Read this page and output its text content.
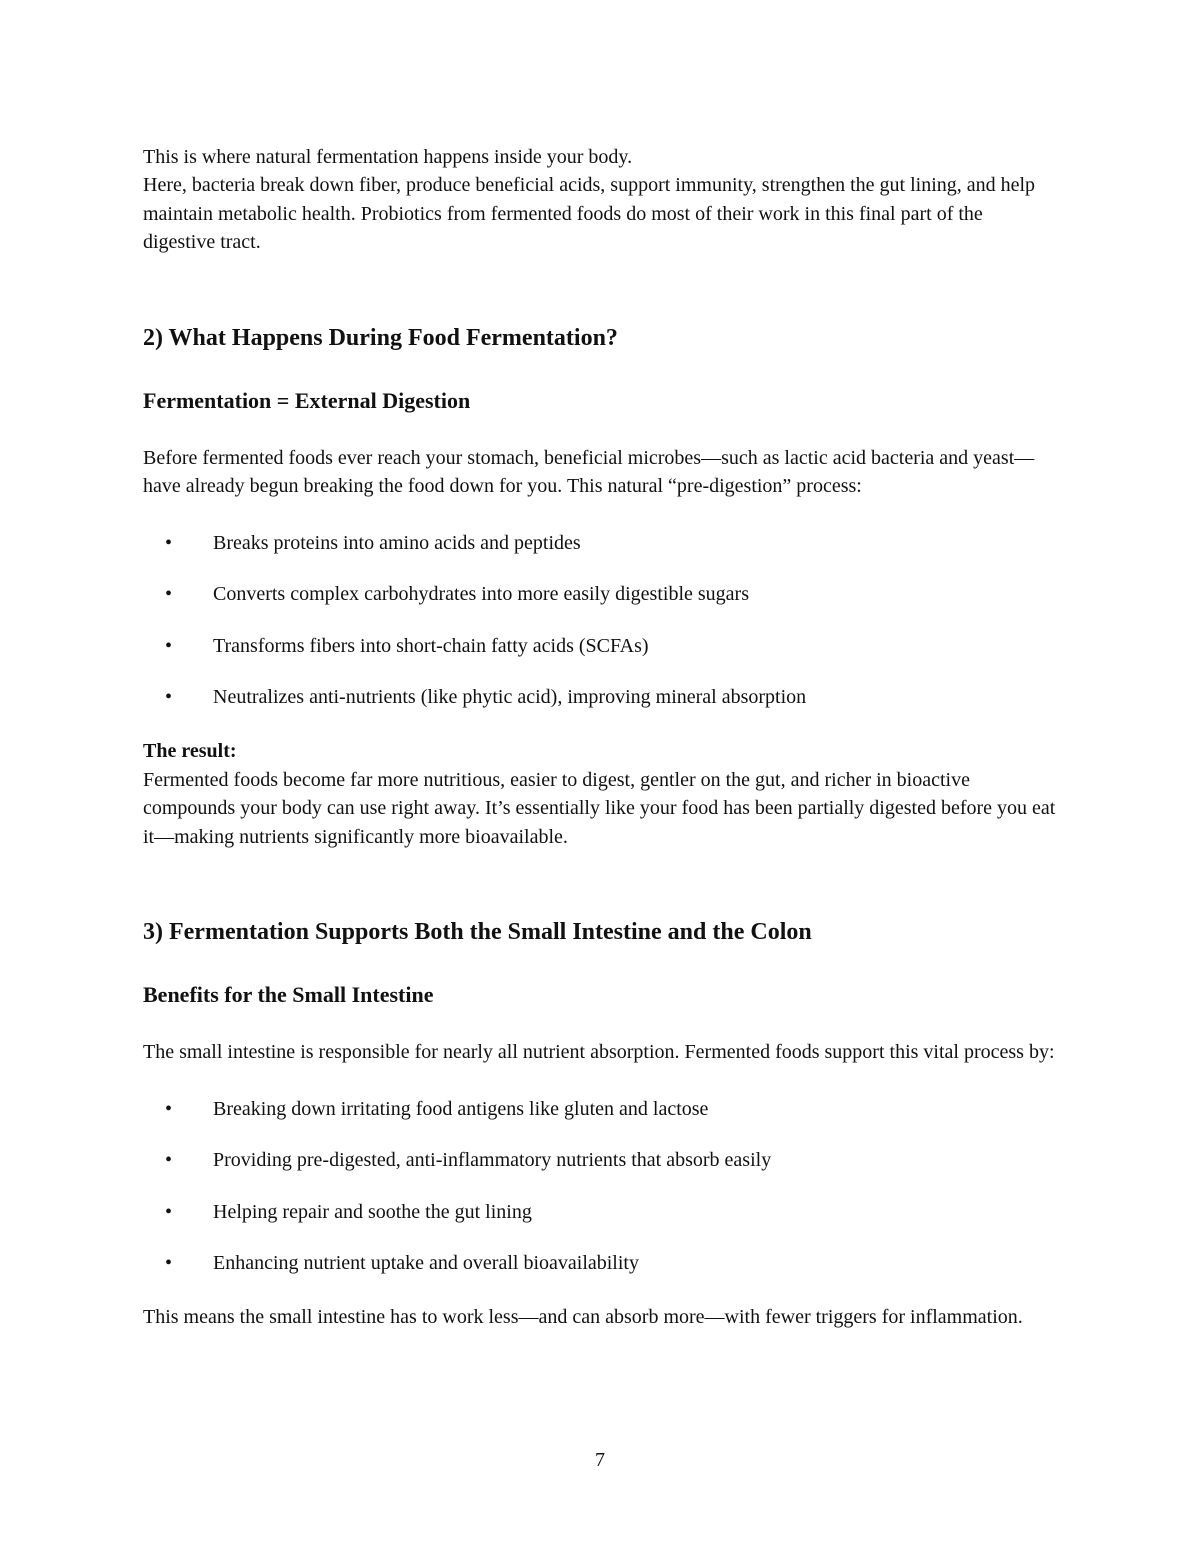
This is where natural fermentation happens inside your body.
Here, bacteria break down fiber, produce beneficial acids, support immunity, strengthen the gut lining, and help maintain metabolic health. Probiotics from fermented foods do most of their work in this final part of the digestive tract.

2) What Happens During Food Fermentation?
Fermentation = External Digestion

Before fermented foods ever reach your stomach, beneficial microbes—such as lactic acid bacteria and yeast—have already begun breaking the food down for you. This natural “pre-digestion” process:

•	Breaks proteins into amino acids and peptides
•	Converts complex carbohydrates into more easily digestible sugars
•	Transforms fibers into short-chain fatty acids (SCFAs)
•	Neutralizes anti-nutrients (like phytic acid), improving mineral absorption

The result:
Fermented foods become far more nutritious, easier to digest, gentler on the gut, and richer in bioactive compounds your body can use right away. It’s essentially like your food has been partially digested before you eat it—making nutrients significantly more bioavailable.

3) Fermentation Supports Both the Small Intestine and the Colon
Benefits for the Small Intestine

The small intestine is responsible for nearly all nutrient absorption. Fermented foods support this vital process by:

•	Breaking down irritating food antigens like gluten and lactose
•	Providing pre-digested, anti-inflammatory nutrients that absorb easily
•	Helping repair and soothe the gut lining
•	Enhancing nutrient uptake and overall bioavailability

This means the small intestine has to work less—and can absorb more—with fewer triggers for inflammation.

7
